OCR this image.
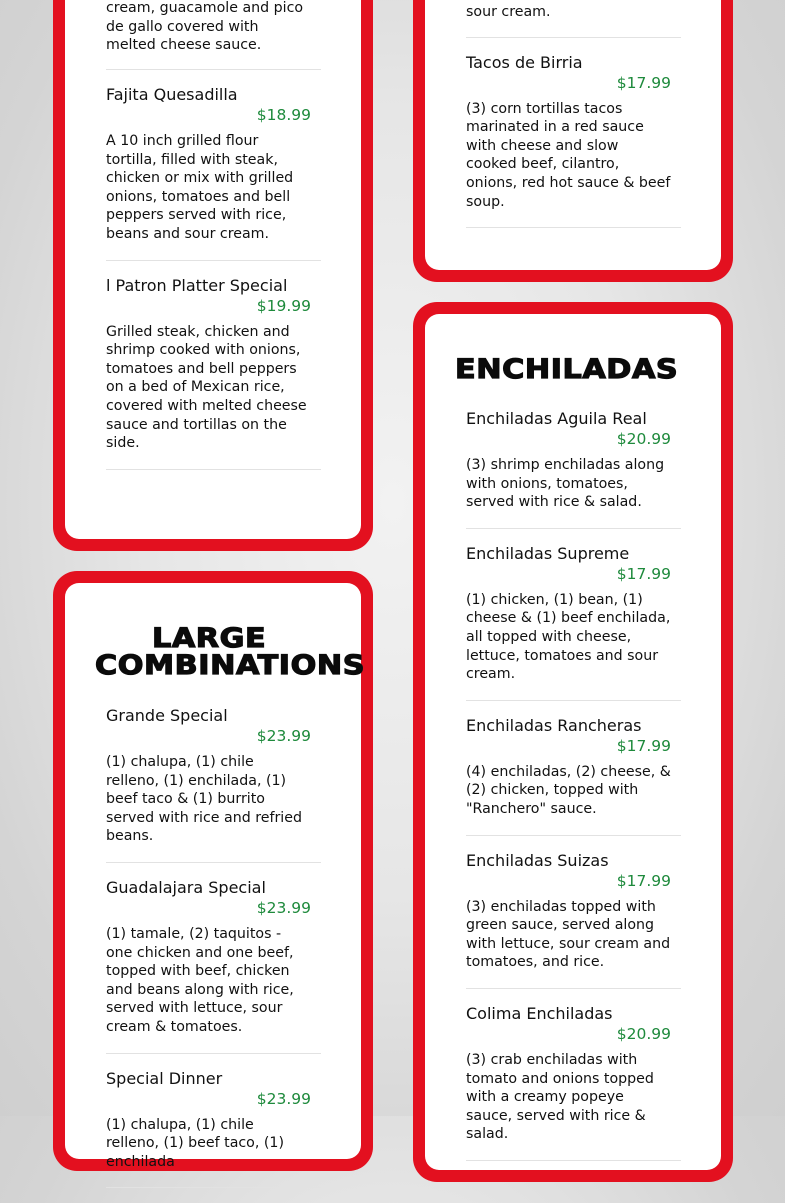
cream, guacamole and pico de gallo covered with melted cheese sauce.
Fajita Quesadilla
$18.99
A 10 inch grilled flour tortilla, filled with steak, chicken or mix with grilled onions, tomatoes and bell peppers served with rice, beans and sour cream.
l Patron Platter Special
$19.99
Grilled steak, chicken and shrimp cooked with onions, tomatoes and bell peppers on a bed of Mexican rice, covered with melted cheese sauce and tortillas on the side.
sour cream.
Tacos de Birria
$17.99
(3) corn tortillas tacos marinated in a red sauce with cheese and slow cooked beef, cilantro, onions, red hot sauce & beef soup.
LARGE
COMBINATIONS
Grande Special
$23.99
(1) chalupa, (1) chile relleno, (1) enchilada, (1) beef taco & (1) burrito served with rice and refried beans.
Guadalajara Special
$23.99
(1) tamale, (2) taquitos - one chicken and one beef, topped with beef, chicken and beans along with rice, served with lettuce, sour cream & tomatoes.
Special Dinner
$23.99
(1) chalupa, (1) chile relleno, (1) beef taco, (1) enchilada
ENCHILADAS
Enchiladas Aguila Real
$20.99
(3) shrimp enchiladas along with onions, tomatoes, served with rice & salad.
Enchiladas Supreme
$17.99
(1) chicken, (1) bean, (1) cheese & (1) beef enchilada, all topped with cheese, lettuce, tomatoes and sour cream.
Enchiladas Rancheras
$17.99
(4) enchiladas, (2) cheese, & (2) chicken, topped with "Ranchero" sauce.
Enchiladas Suizas
$17.99
(3) enchiladas topped with green sauce, served along with lettuce, sour cream and tomatoes, and rice.
Colima Enchiladas
$20.99
(3) crab enchiladas with tomato and onions topped with a creamy popeye sauce, served with rice & salad.
